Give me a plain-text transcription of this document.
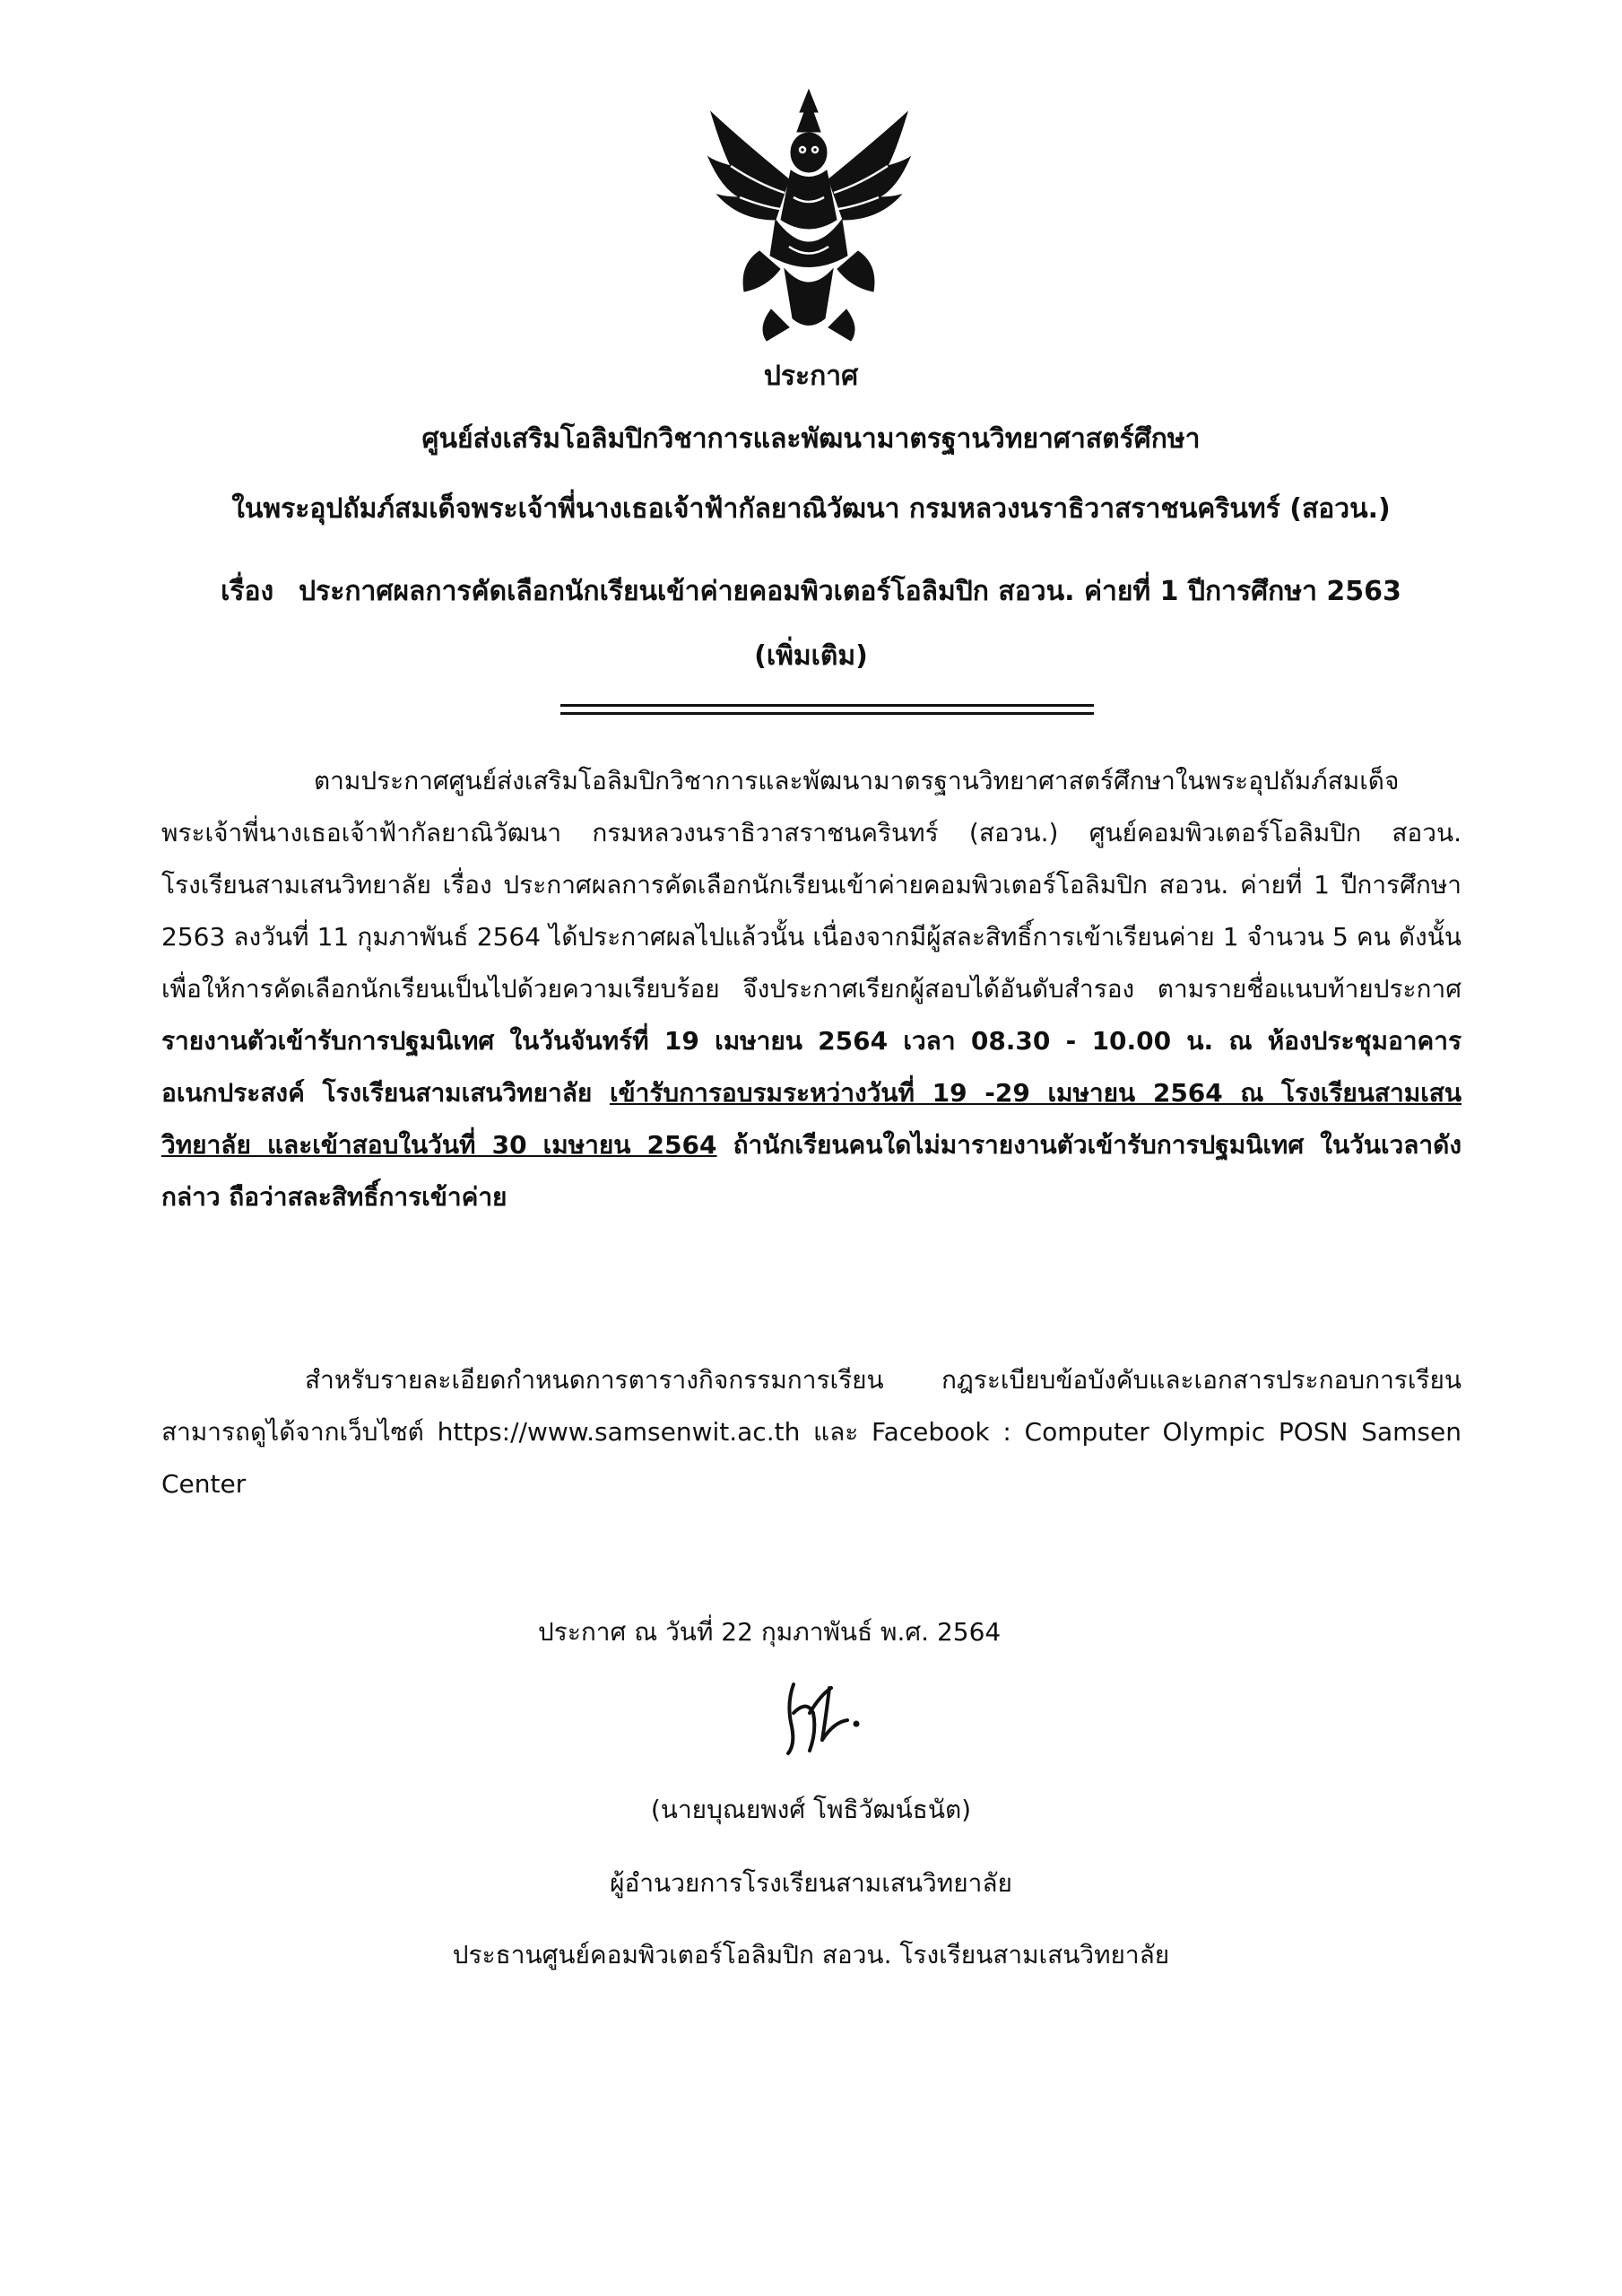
ประกาศ
ศูนย์ส่งเสริมโอลิมปิกวิชาการและพัฒนามาตรฐานวิทยาศาสตร์ศึกษา
ในพระอุปถัมภ์สมเด็จพระเจ้าพี่นางเธอเจ้าฟ้ากัลยาณิวัฒนา กรมหลวงนราธิวาสราชนครินทร์ (สอวน.)
เรื่อง ประกาศผลการคัดเลือกนักเรียนเข้าค่ายคอมพิวเตอร์โอลิมปิก สอวน. ค่ายที่ 1 ปีการศึกษา 2563
(เพิ่มเติม)

ตามประกาศศูนย์ส่งเสริมโอลิมปิกวิชาการและพัฒนามาตรฐานวิทยาศาสตร์ศึกษาในพระอุปถัมภ์สมเด็จพระเจ้าพี่นางเธอเจ้าฟ้ากัลยาณิวัฒนา กรมหลวงนราธิวาสราชนครินทร์ (สอวน.) ศูนย์คอมพิวเตอร์โอลิมปิก สอวน. โรงเรียนสามเสนวิทยาลัย เรื่อง ประกาศผลการคัดเลือกนักเรียนเข้าค่ายคอมพิวเตอร์โอลิมปิก สอวน. ค่ายที่ 1 ปีการศึกษา 2563 ลงวันที่ 11 กุมภาพันธ์ 2564 ได้ประกาศผลไปแล้วนั้น เนื่องจากมีผู้สละสิทธิ์การเข้าเรียนค่าย 1 จำนวน 5 คน ดังนั้น เพื่อให้การคัดเลือกนักเรียนเป็นไปด้วยความเรียบร้อย จึงประกาศเรียกผู้สอบได้อันดับสำรอง ตามรายชื่อแนบท้ายประกาศ รายงานตัวเข้ารับการปฐมนิเทศ ในวันจันทร์ที่ 19 เมษายน 2564 เวลา 08.30 - 10.00 น. ณ ห้องประชุมอาคารอเนกประสงค์ โรงเรียนสามเสนวิทยาลัย เข้ารับการอบรมระหว่างวันที่ 19 -29 เมษายน 2564 ณ โรงเรียนสามเสนวิทยาลัย และเข้าสอบในวันที่ 30 เมษายน 2564 ถ้านักเรียนคนใดไม่มารายงานตัวเข้ารับการปฐมนิเทศ ในวันเวลาดังกล่าว ถือว่าสละสิทธิ์การเข้าค่าย

สำหรับรายละเอียดกำหนดการตารางกิจกรรมการเรียน กฎระเบียบข้อบังคับและเอกสารประกอบการเรียน สามารถดูได้จากเว็บไซต์ https://www.samsenwit.ac.th และ Facebook : Computer Olympic POSN Samsen Center

ประกาศ ณ วันที่ 22 กุมภาพันธ์ พ.ศ. 2564
(นายบุณยพงศ์ โพธิวัฒน์ธนัต)
ผู้อำนวยการโรงเรียนสามเสนวิทยาลัย
ประธานศูนย์คอมพิวเตอร์โอลิมปิก สอวน. โรงเรียนสามเสนวิทยาลัย
